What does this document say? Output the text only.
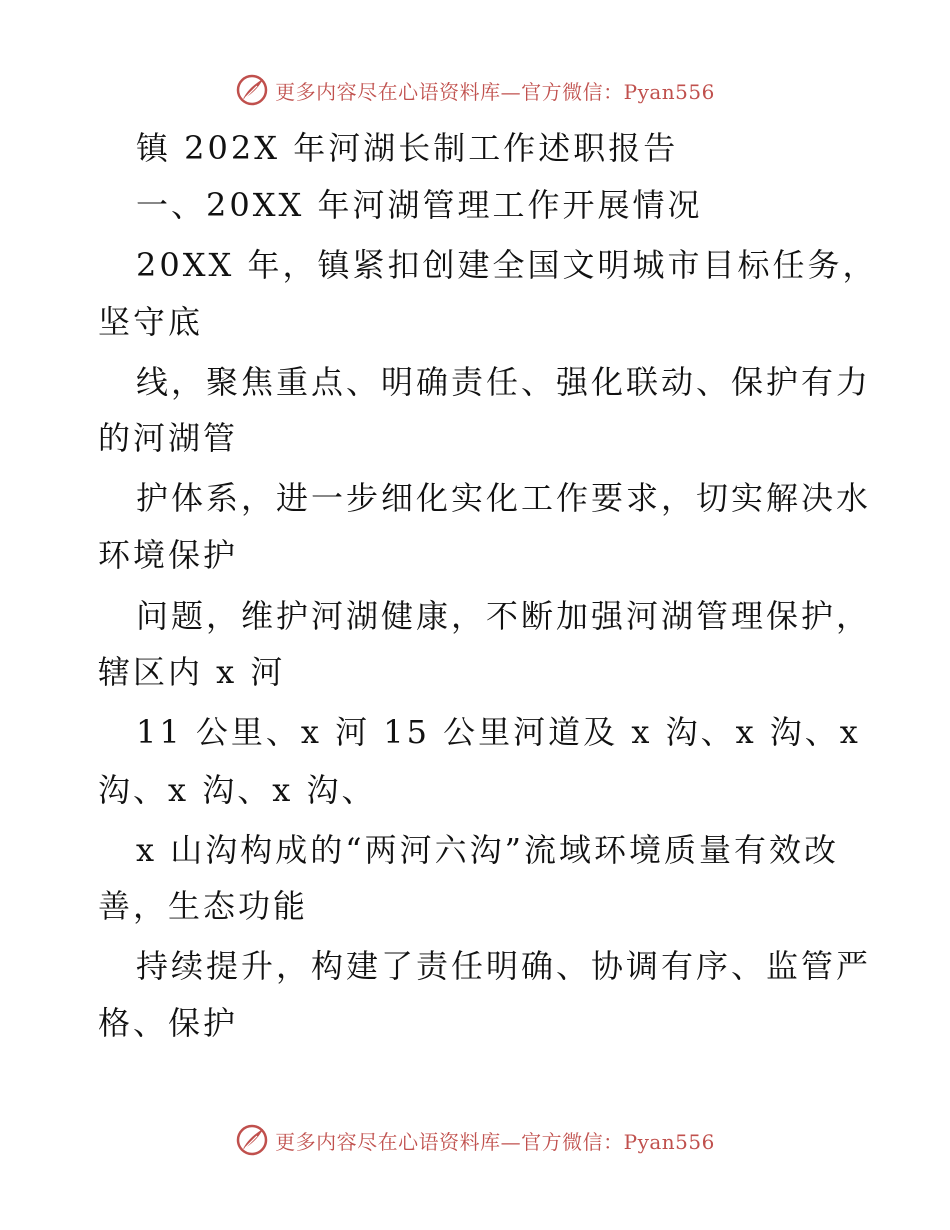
更多内容尽在心语资料库—官方微信：Pyan556
镇 202X 年河湖长制工作述职报告
一、20XX 年河湖管理工作开展情况
20XX 年，镇紧扣创建全国文明城市目标任务，
坚守底
线，聚焦重点、明确责任、强化联动、保护有力
的河湖管
护体系，进一步细化实化工作要求，切实解决水
环境保护
问题，维护河湖健康，不断加强河湖管理保护，
辖区内 x 河
11 公里、x 河 15 公里河道及 x 沟、x 沟、x
沟、x 沟、x 沟、
x 山沟构成的“两河六沟”流域环境质量有效改
善，生态功能
持续提升，构建了责任明确、协调有序、监管严
格、保护
更多内容尽在心语资料库—官方微信：Pyan556
